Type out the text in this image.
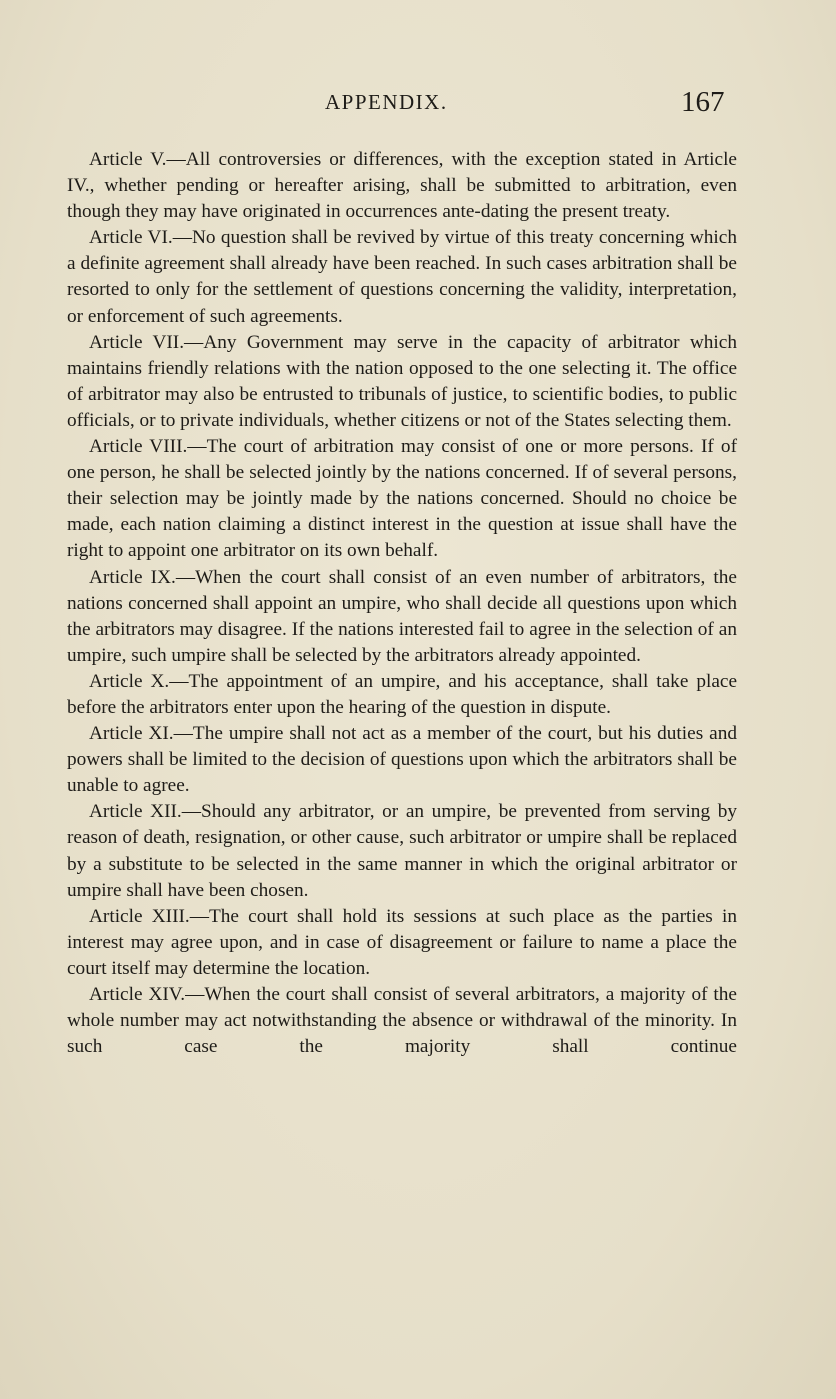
APPENDIX.	167

Article V.—All controversies or differences, with the exception stated in Article IV., whether pending or hereafter arising, shall be submitted to arbitration, even though they may have originated in occurrences ante-dating the present treaty.

Article VI.—No question shall be revived by virtue of this treaty concerning which a definite agreement shall already have been reached. In such cases arbitration shall be resorted to only for the settlement of questions concerning the validity, interpretation, or enforcement of such agreements.

Article VII.—Any Government may serve in the capacity of arbitrator which maintains friendly relations with the nation opposed to the one selecting it. The office of arbitrator may also be entrusted to tribunals of justice, to scientific bodies, to public officials, or to private individuals, whether citizens or not of the States selecting them.

Article VIII.—The court of arbitration may consist of one or more persons. If of one person, he shall be selected jointly by the nations concerned. If of several persons, their selection may be jointly made by the nations concerned. Should no choice be made, each nation claiming a distinct interest in the question at issue shall have the right to appoint one arbitrator on its own behalf.

Article IX.—When the court shall consist of an even number of arbitrators, the nations concerned shall appoint an umpire, who shall decide all questions upon which the arbitrators may disagree. If the nations interested fail to agree in the selection of an umpire, such umpire shall be selected by the arbitrators already appointed.

Article X.—The appointment of an umpire, and his acceptance, shall take place before the arbitrators enter upon the hearing of the question in dispute.

Article XI.—The umpire shall not act as a member of the court, but his duties and powers shall be limited to the decision of questions upon which the arbitrators shall be unable to agree.

Article XII.—Should any arbitrator, or an umpire, be prevented from serving by reason of death, resignation, or other cause, such arbitrator or umpire shall be replaced by a substitute to be selected in the same manner in which the original arbitrator or umpire shall have been chosen.

Article XIII.—The court shall hold its sessions at such place as the parties in interest may agree upon, and in case of disagreement or failure to name a place the court itself may determine the location.

Article XIV.—When the court shall consist of several arbitrators, a majority of the whole number may act notwithstanding the absence or withdrawal of the minority. In such case the majority shall continue
